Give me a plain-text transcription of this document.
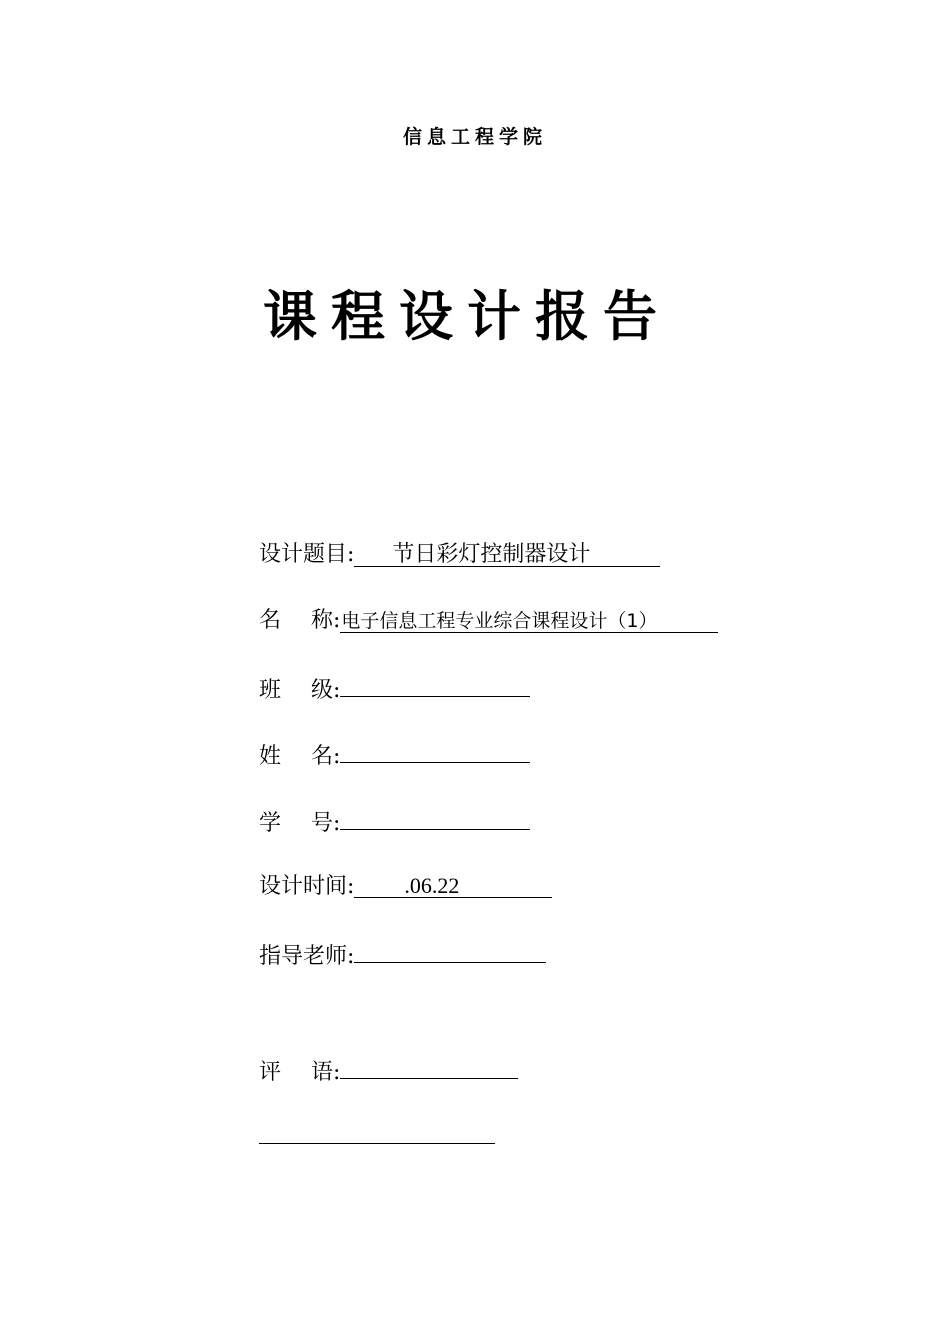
信息工程学院
课程设计报告
设计题目: 节日彩灯控制器设计
名 称:电子信息工程专业综合课程设计（1）
班 级:
姓 名:
学 号:
设计时间: .06.22
指导老师:
评 语:
